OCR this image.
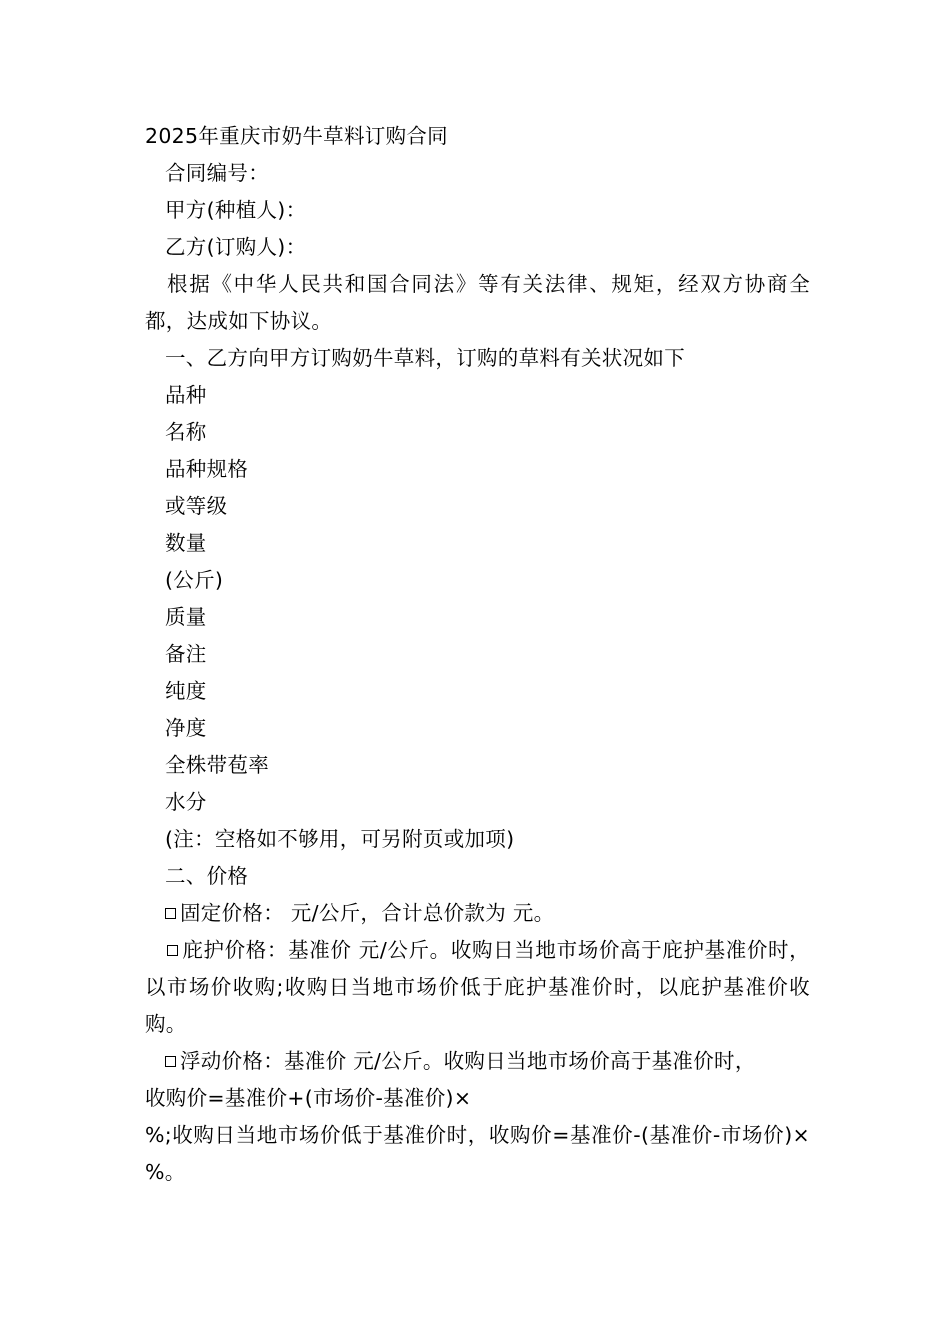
2025年重庆市奶牛草料订购合同
合同编号：
甲方(种植人)：
乙方(订购人)：
根据《中华人民共和国合同法》等有关法律、规矩，经双方协商全都，达成如下协议。
一、乙方向甲方订购奶牛草料，订购的草料有关状况如下
品种
名称
品种规格
或等级
数量
(公斤)
质量
备注
纯度
净度
全株带苞率
水分
(注：空格如不够用，可另附页或加项)
二、价格
固定价格： 元/公斤，合计总价款为 元。
庇护价格：基准价 元/公斤。收购日当地市场价高于庇护基准价时，以市场价收购;收购日当地市场价低于庇护基准价时，以庇护基准价收购。
浮动价格：基准价 元/公斤。收购日当地市场价高于基准价时，
收购价=基准价+(市场价-基准价)×
%;收购日当地市场价低于基准价时，收购价=基准价-(基准价-市场价)× %。
